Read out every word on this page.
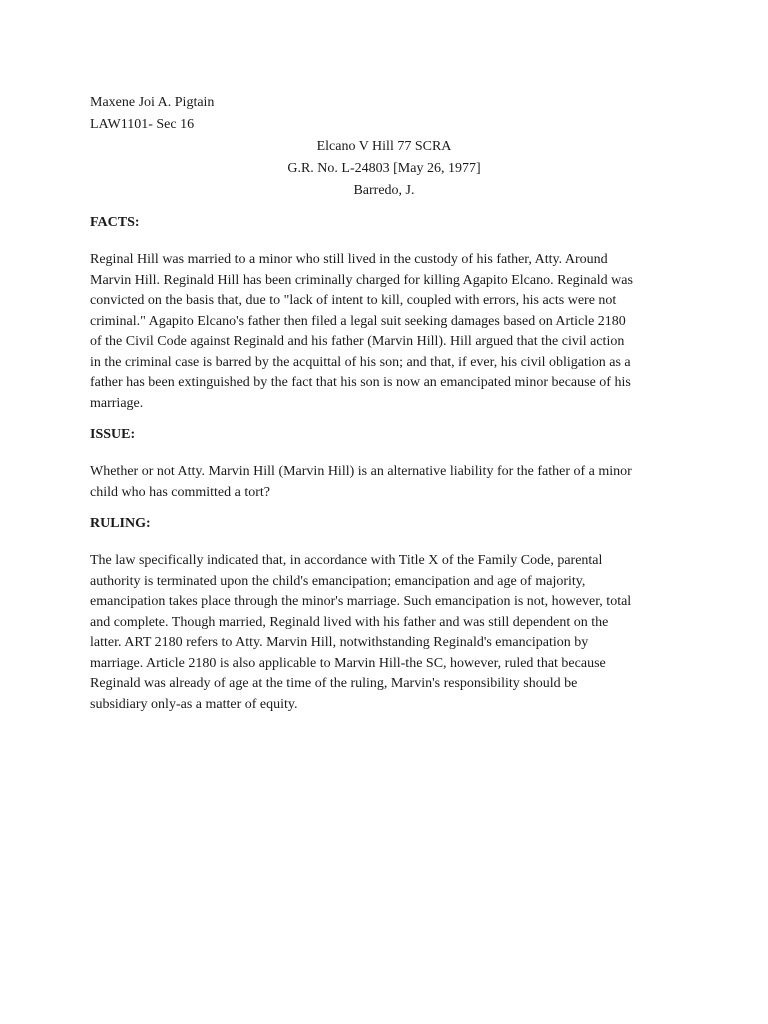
Maxene Joi A. Pigtain

LAW1101- Sec 16

Elcano V Hill 77 SCRA

G.R. No. L-24803 [May 26, 1977]

Barredo, J.

FACTS:

Reginal Hill was married to a minor who still lived in the custody of his father, Atty. Around

Marvin Hill. Reginald Hill has been criminally charged for killing Agapito Elcano. Reginald was

convicted on the basis that, due to "lack of intent to kill, coupled with errors, his acts were not

criminal." Agapito Elcano's father then filed a legal suit seeking damages based on Article 2180

of the Civil Code against Reginald and his father (Marvin Hill). Hill argued that the civil action

in the criminal case is barred by the acquittal of his son; and that, if ever, his civil obligation as a

father has been extinguished by the fact that his son is now an emancipated minor because of his

marriage.

ISSUE:

Whether or not Atty. Marvin Hill (Marvin Hill) is an alternative liability for the father of a minor

child who has committed a tort?

RULING:

The law specifically indicated that, in accordance with Title X of the Family Code, parental

authority is terminated upon the child's emancipation; emancipation and age of majority,

emancipation takes place through the minor's marriage. Such emancipation is not, however, total

and complete. Though married, Reginald lived with his father and was still dependent on the

latter. ART 2180 refers to Atty. Marvin Hill, notwithstanding Reginald's emancipation by

marriage. Article 2180 is also applicable to Marvin Hill-the SC, however, ruled that because

Reginald was already of age at the time of the ruling, Marvin's responsibility should be

subsidiary only-as a matter of equity.
